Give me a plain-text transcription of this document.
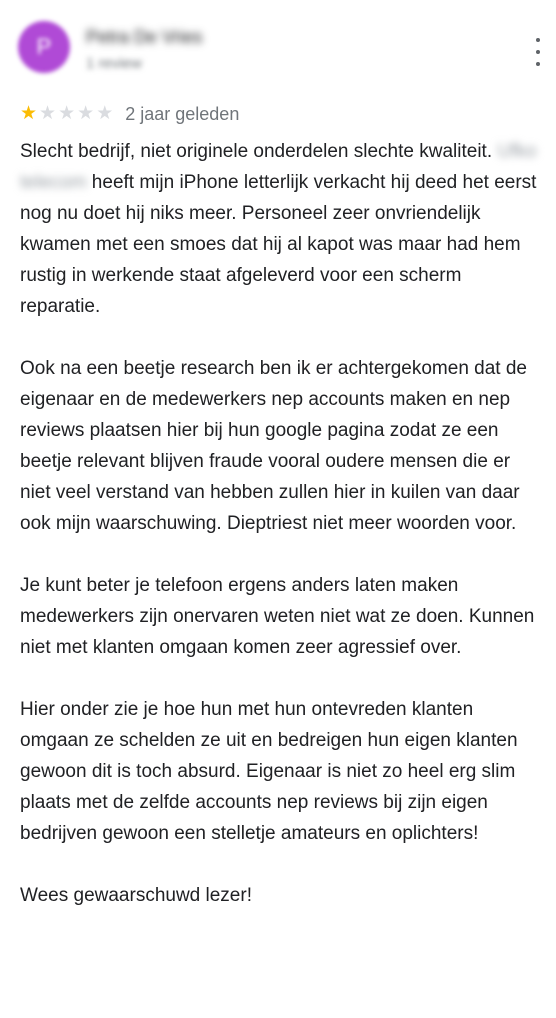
P	Petra De Vries
1 review
★ ★ ★ ★ ★ 2 jaar geleden

Slecht bedrijf, niet originele onderdelen slechte kwaliteit. Ufko telecom heeft mijn iPhone letterlijk verkacht hij deed het eerst nog nu doet hij niks meer. Personeel zeer onvriendelijk kwamen met een smoes dat hij al kapot was maar had hem rustig in werkende staat afgeleverd voor een scherm reparatie.

Ook na een beetje research ben ik er achtergekomen dat de eigenaar en de medewerkers nep accounts maken en nep reviews plaatsen hier bij hun google pagina zodat ze een beetje relevant blijven fraude vooral oudere mensen die er niet veel verstand van hebben zullen hier in kuilen van daar ook mijn waarschuwing. Dieptriest niet meer woorden voor.

Je kunt beter je telefoon ergens anders laten maken medewerkers zijn onervaren weten niet wat ze doen. Kunnen niet met klanten omgaan komen zeer agressief over.

Hier onder zie je hoe hun met hun ontevreden klanten omgaan ze schelden ze uit en bedreigen hun eigen klanten gewoon dit is toch absurd. Eigenaar is niet zo heel erg slim plaats met de zelfde accounts nep reviews bij zijn eigen bedrijven gewoon een stelletje amateurs en oplichters!

Wees gewaarschuwd lezer!
